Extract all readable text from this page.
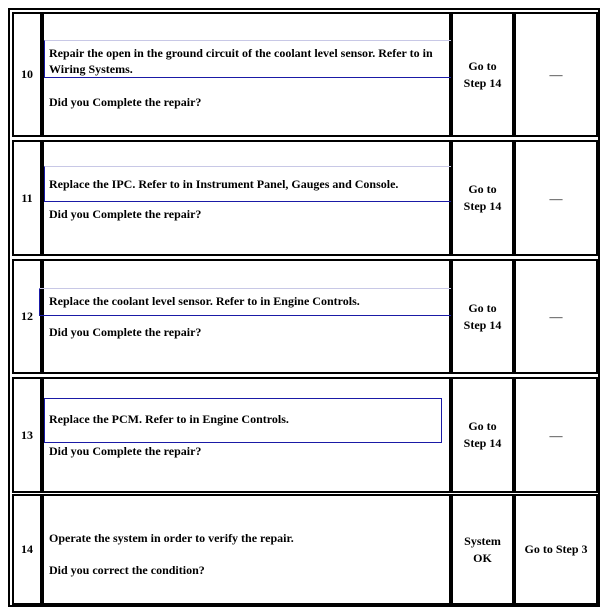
10

Repair the open in the ground circuit of the coolant level sensor. Refer to in Wiring Systems.

Did you Complete the repair?

Go to Step 14
—
11

Replace the IPC. Refer to in Instrument Panel, Gauges and Console.

Did you Complete the repair?

Go to Step 14
—
12

Replace the coolant level sensor. Refer to in Engine Controls.

Did you Complete the repair?

Go to Step 14
—
13

Replace the PCM. Refer to in Engine Controls.

Did you Complete the repair?

Go to Step 14
—
14

Operate the system in order to verify the repair.

Did you correct the condition?

System OK
Go to Step 3
